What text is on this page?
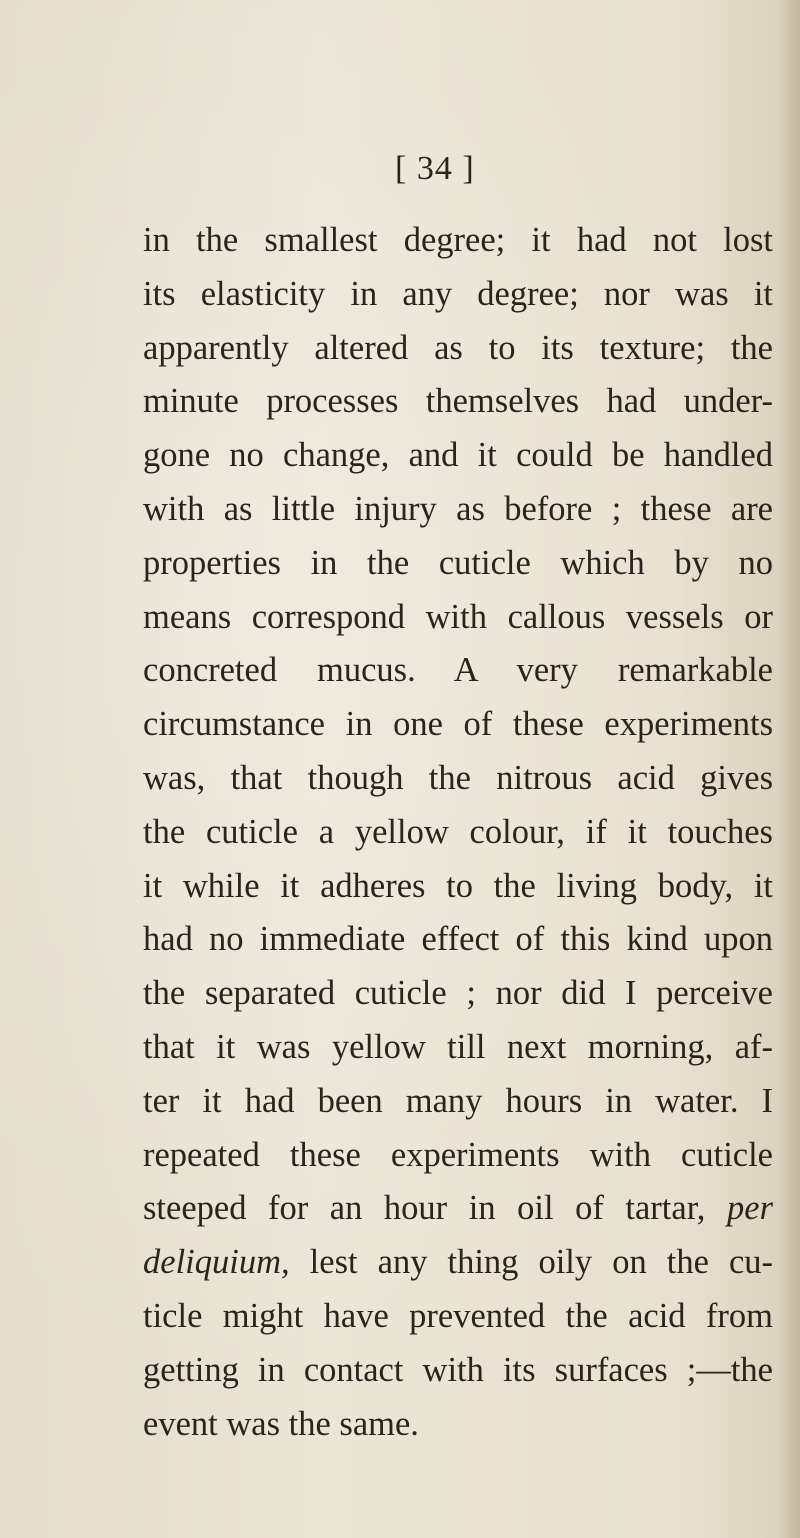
[ 34 ]
in the smallest degree; it had not lost
its elasticity in any degree; nor was it
apparently altered as to its texture; the
minute processes themselves had under-
gone no change, and it could be handled
with as little injury as before ; these are
properties in the cuticle which by no
means correspond with callous vessels or
concreted mucus. A very remarkable
circumstance in one of these experiments
was, that though the nitrous acid gives
the cuticle a yellow colour, if it touches
it while it adheres to the living body, it
had no immediate effect of this kind upon
the separated cuticle ; nor did I perceive
that it was yellow till next morning, af-
ter it had been many hours in water. I
repeated these experiments with cuticle
steeped for an hour in oil of tartar, per
deliquium, lest any thing oily on the cu-
ticle might have prevented the acid from
getting in contact with its surfaces ;—the
event was the same.
